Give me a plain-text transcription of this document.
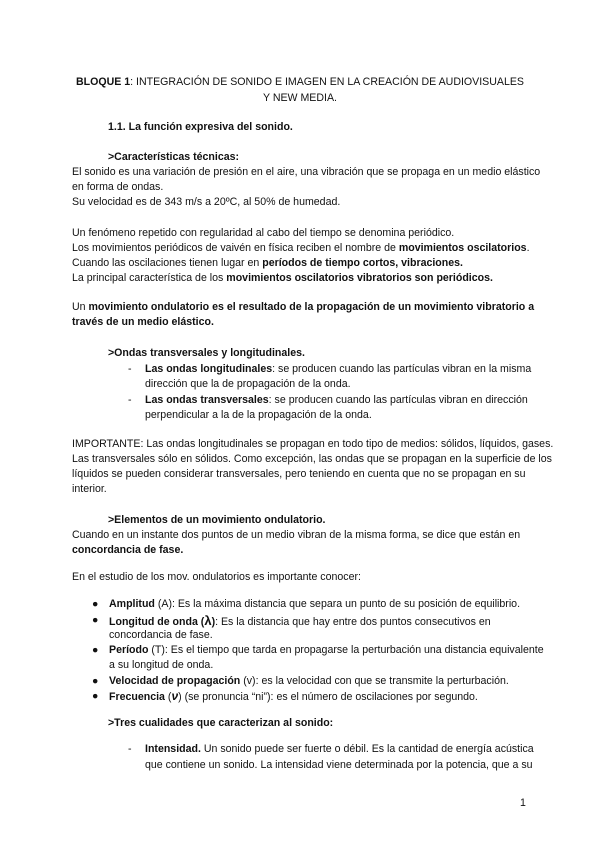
BLOQUE 1: INTEGRACIÓN DE SONIDO E IMAGEN EN LA CREACIÓN DE AUDIOVISUALES Y NEW MEDIA.
1.1. La función expresiva del sonido.
>Características técnicas:
El sonido es una variación de presión en el aire, una vibración que se propaga en un medio elástico
en forma de ondas.
Su velocidad es de 343 m/s a 20ºC, al 50% de humedad.
Un fenómeno repetido con regularidad al cabo del tiempo se denomina periódico.
Los movimientos periódicos de vaivén en física reciben el nombre de movimientos oscilatorios.
Cuando las oscilaciones tienen lugar en períodos de tiempo cortos, vibraciones.
La principal característica de los movimientos oscilatorios vibratorios son periódicos.
Un movimiento ondulatorio es el resultado de la propagación de un movimiento vibratorio a
través de un medio elástico.
>Ondas transversales y longitudinales.
- Las ondas longitudinales: se producen cuando las partículas vibran en la misma
dirección que la de propagación de la onda.
- Las ondas transversales: se producen cuando las partículas vibran en dirección
perpendicular a la de la propagación de la onda.
IMPORTANTE: Las ondas longitudinales se propagan en todo tipo de medios: sólidos, líquidos, gases.
Las transversales sólo en sólidos. Como excepción, las ondas que se propagan en la superficie de los
líquidos se pueden considerar transversales, pero teniendo en cuenta que no se propagan en su
interior.
>Elementos de un movimiento ondulatorio.
Cuando en un instante dos puntos de un medio vibran de la misma forma, se dice que están en
concordancia de fase.
En el estudio de los mov. ondulatorios es importante conocer:
● Amplitud (A): Es la máxima distancia que separa un punto de su posición de equilibrio.
● Longitud de onda (λ): Es la distancia que hay entre dos puntos consecutivos en
concordancia de fase.
● Período (T): Es el tiempo que tarda en propagarse la perturbación una distancia equivalente
a su longitud de onda.
● Velocidad de propagación (v): es la velocidad con que se transmite la perturbación.
● Frecuencia (ν) (se pronuncia “ni”): es el número de oscilaciones por segundo.
>Tres cualidades que caracterizan al sonido:
- Intensidad. Un sonido puede ser fuerte o débil. Es la cantidad de energía acústica
que contiene un sonido. La intensidad viene determinada por la potencia, que a su
1
